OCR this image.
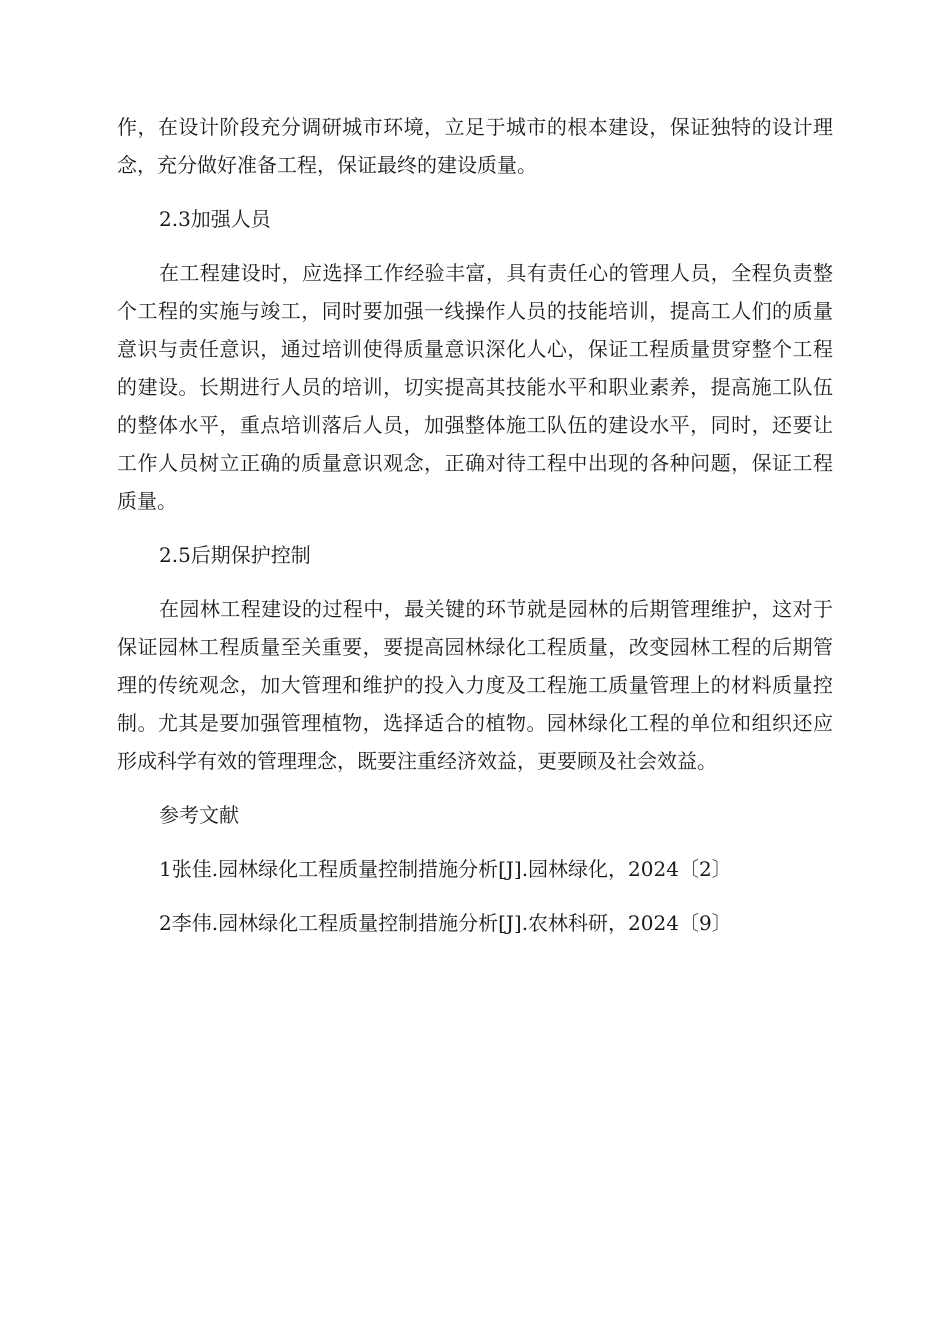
作，在设计阶段充分调研城市环境，立足于城市的根本建设，保证独特的设计理念，充分做好准备工程，保证最终的建设质量。

2.3加强人员

在工程建设时，应选择工作经验丰富，具有责任心的管理人员，全程负责整个工程的实施与竣工，同时要加强一线操作人员的技能培训，提高工人们的质量意识与责任意识，通过培训使得质量意识深化人心，保证工程质量贯穿整个工程的建设。长期进行人员的培训，切实提高其技能水平和职业素养，提高施工队伍的整体水平，重点培训落后人员，加强整体施工队伍的建设水平，同时，还要让工作人员树立正确的质量意识观念，正确对待工程中出现的各种问题，保证工程质量。

2.5后期保护控制

在园林工程建设的过程中，最关键的环节就是园林的后期管理维护，这对于保证园林工程质量至关重要，要提高园林绿化工程质量，改变园林工程的后期管理的传统观念，加大管理和维护的投入力度及工程施工质量管理上的材料质量控制。尤其是要加强管理植物，选择适合的植物。园林绿化工程的单位和组织还应形成科学有效的管理理念，既要注重经济效益，更要顾及社会效益。

参考文献

1张佳.园林绿化工程质量控制措施分析[J].园林绿化，2024〔2〕

2李伟.园林绿化工程质量控制措施分析[J].农林科研，2024〔9〕
